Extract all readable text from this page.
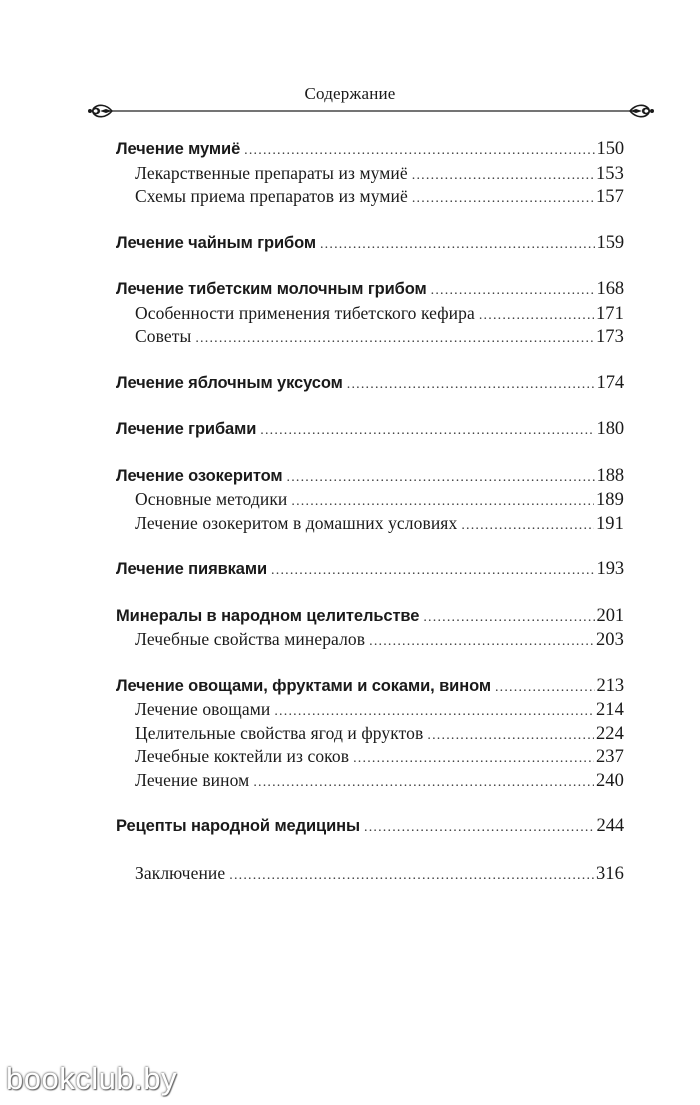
Содержание
Лечение мумиё .....	150
Лекарственные препараты из мумиё .....	153
Схемы приема препаратов из мумиё .....	157
Лечение чайным грибом .....	159
Лечение тибетским молочным грибом .....	168
Особенности применения тибетского кефира .....	171
Советы .....	173
Лечение яблочным уксусом .....	174
Лечение грибами .....	180
Лечение озокеритом .....	188
Основные методики .....	189
Лечение озокеритом в домашних условиях .....	191
Лечение пиявками .....	193
Минералы в народном целительстве .....	201
Лечебные свойства минералов .....	203
Лечение овощами, фруктами и соками, вином .....	213
Лечение овощами .....	214
Целительные свойства ягод и фруктов .....	224
Лечебные коктейли из соков .....	237
Лечение вином .....	240
Рецепты народной медицины .....	244
Заключение .....	316
bookclub.by
